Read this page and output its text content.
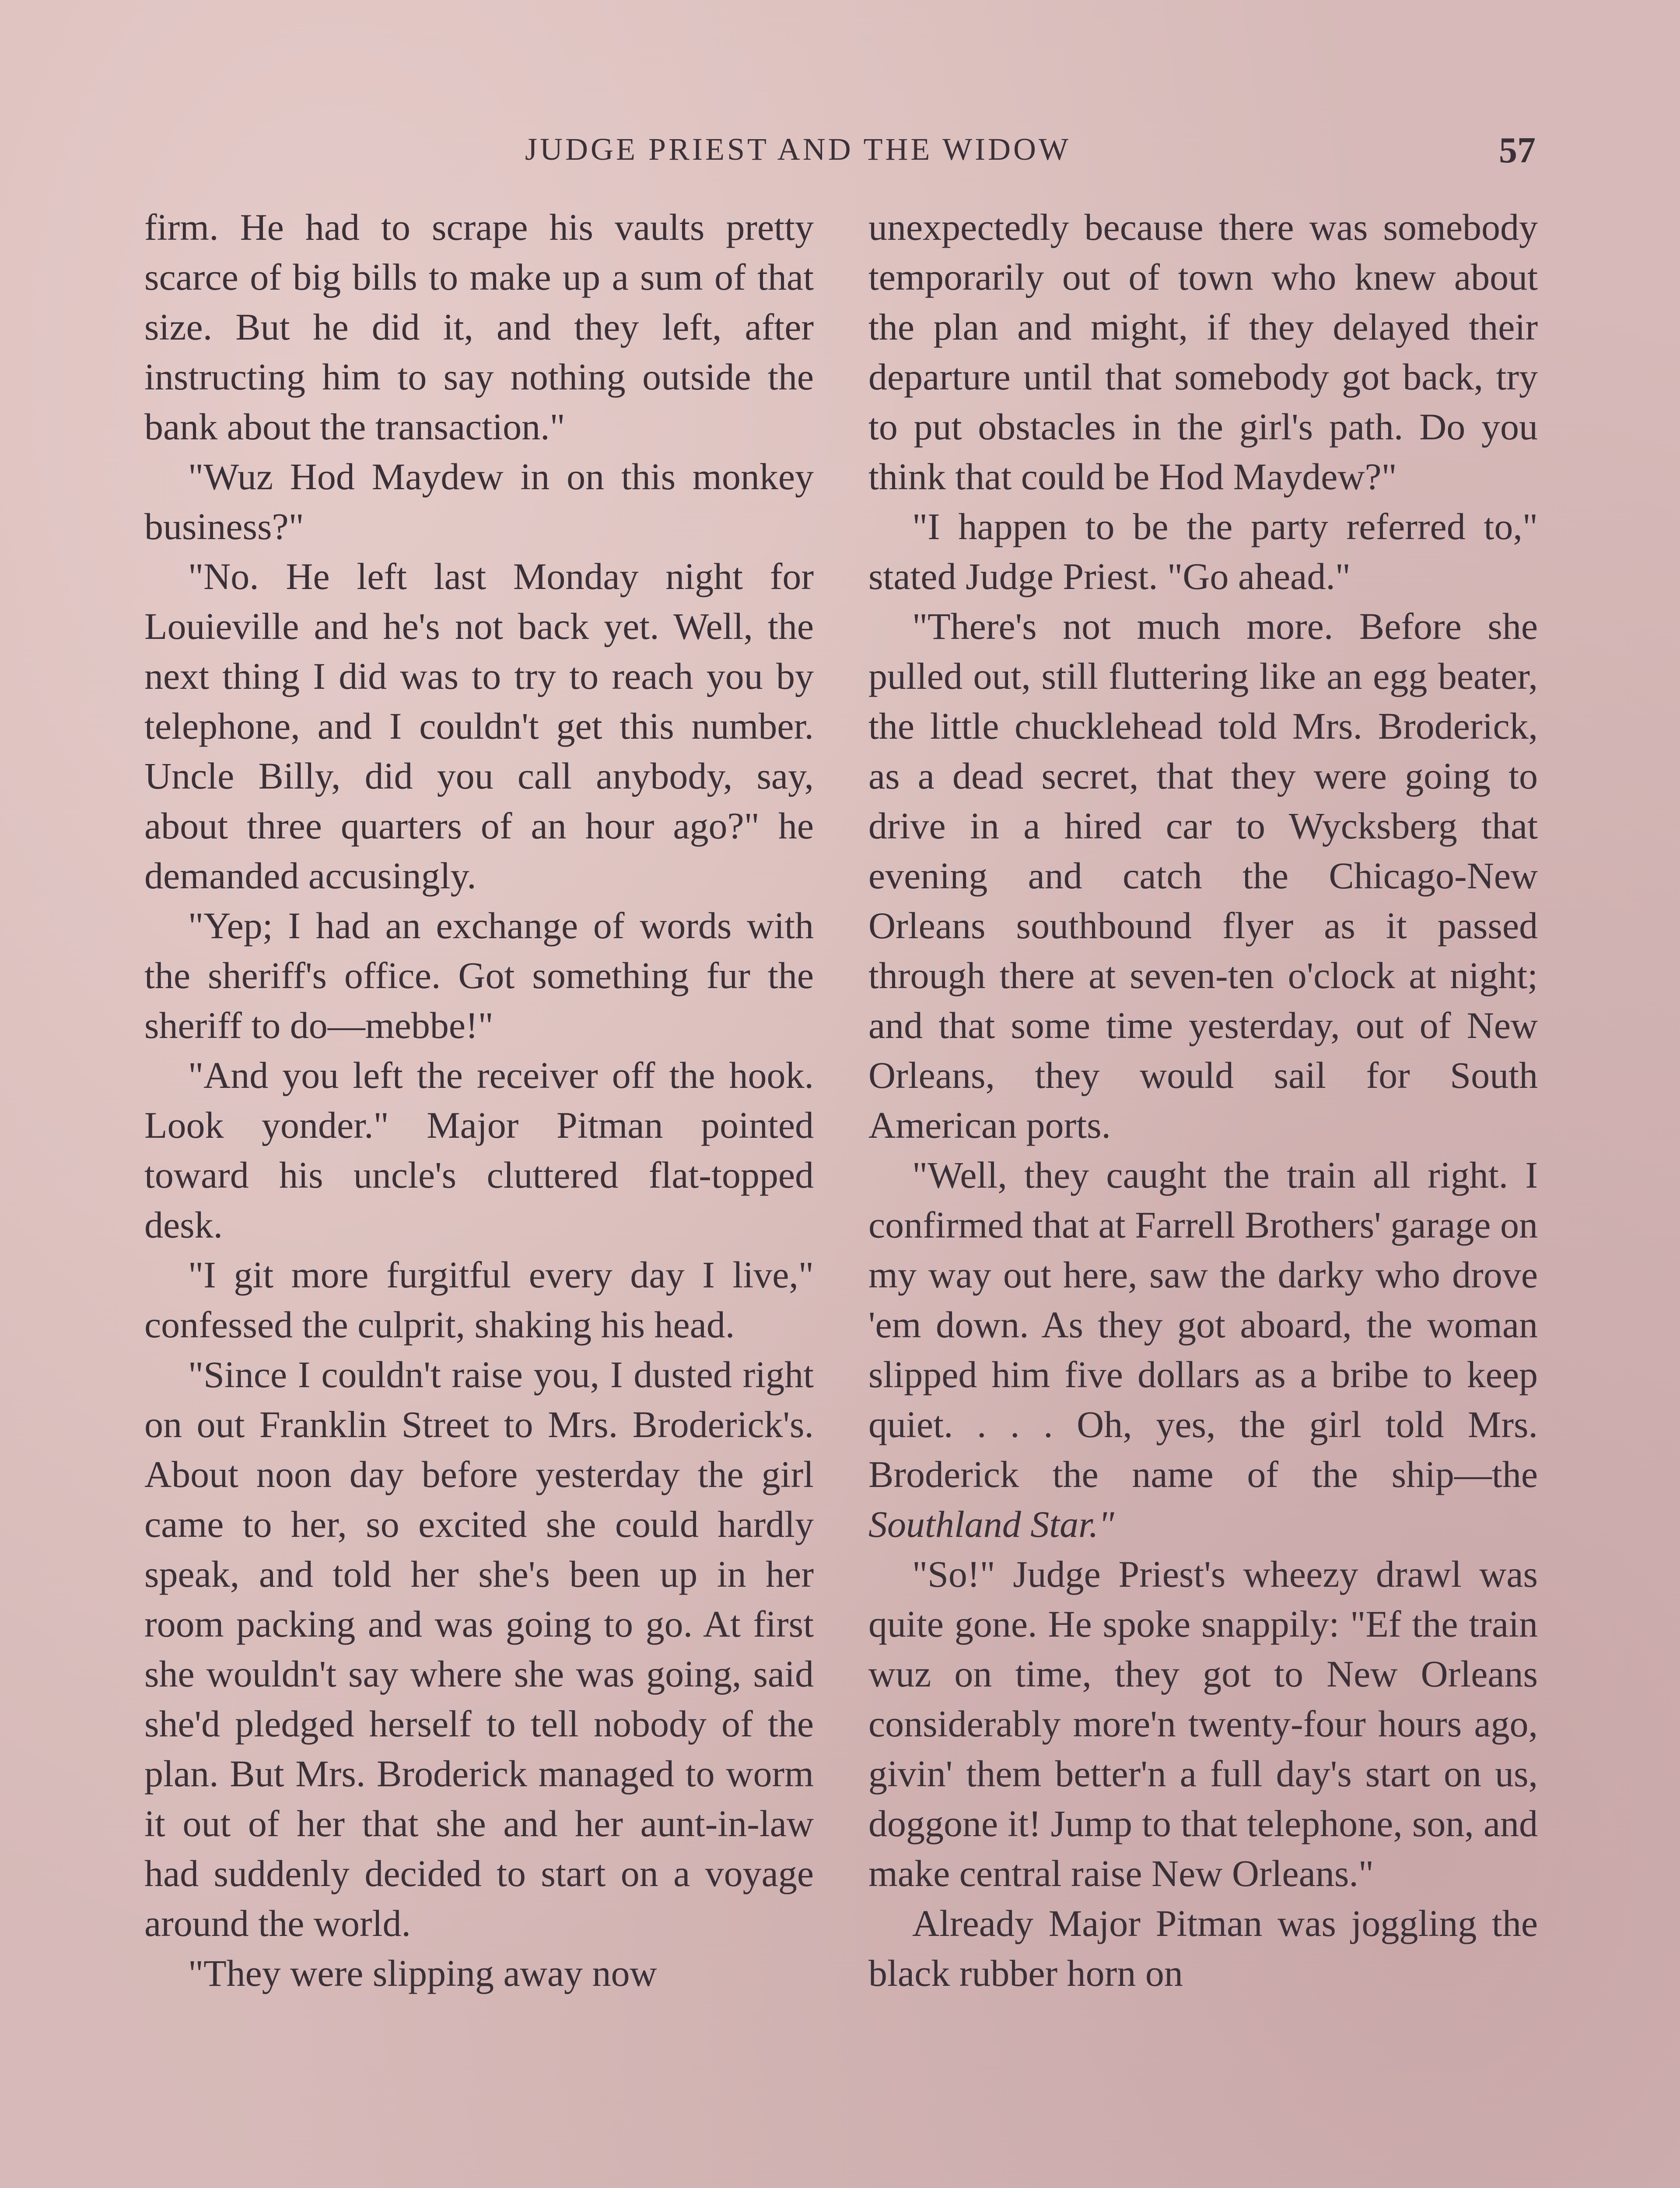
JUDGE PRIEST AND THE WIDOW	57

firm. He had to scrape his vaults pretty scarce of big bills to make up a sum of that size. But he did it, and they left, after instructing him to say nothing outside the bank about the transaction."

"Wuz Hod Maydew in on this monkey business?"

"No. He left last Monday night for Louieville and he's not back yet. Well, the next thing I did was to try to reach you by telephone, and I couldn't get this number. Uncle Billy, did you call anybody, say, about three quarters of an hour ago?" he demanded accusingly.

"Yep; I had an exchange of words with the sheriff's office. Got something fur the sheriff to do—mebbe!"

"And you left the receiver off the hook. Look yonder." Major Pitman pointed toward his uncle's cluttered flat-topped desk.

"I git more furgitful every day I live," confessed the culprit, shaking his head.

"Since I couldn't raise you, I dusted right on out Franklin Street to Mrs. Broderick's. About noon day before yesterday the girl came to her, so excited she could hardly speak, and told her she's been up in her room packing and was going to go. At first she wouldn't say where she was going, said she'd pledged herself to tell nobody of the plan. But Mrs. Broderick managed to worm it out of her that she and her aunt-in-law had suddenly decided to start on a voyage around the world.

"They were slipping away now

unexpectedly because there was somebody temporarily out of town who knew about the plan and might, if they delayed their departure until that somebody got back, try to put obstacles in the girl's path. Do you think that could be Hod Maydew?"

"I happen to be the party referred to," stated Judge Priest. "Go ahead."

"There's not much more. Before she pulled out, still fluttering like an egg beater, the little chucklehead told Mrs. Broderick, as a dead secret, that they were going to drive in a hired car to Wycksberg that evening and catch the Chicago-New Orleans southbound flyer as it passed through there at seven-ten o'clock at night; and that some time yesterday, out of New Orleans, they would sail for South American ports.

"Well, they caught the train all right. I confirmed that at Farrell Brothers' garage on my way out here, saw the darky who drove 'em down. As they got aboard, the woman slipped him five dollars as a bribe to keep quiet. . . . Oh, yes, the girl told Mrs. Broderick the name of the ship—the Southland Star."

"So!" Judge Priest's wheezy drawl was quite gone. He spoke snappily: "Ef the train wuz on time, they got to New Orleans considerably more'n twenty-four hours ago, givin' them better'n a full day's start on us, doggone it! Jump to that telephone, son, and make central raise New Orleans."

Already Major Pitman was joggling the black rubber horn on
